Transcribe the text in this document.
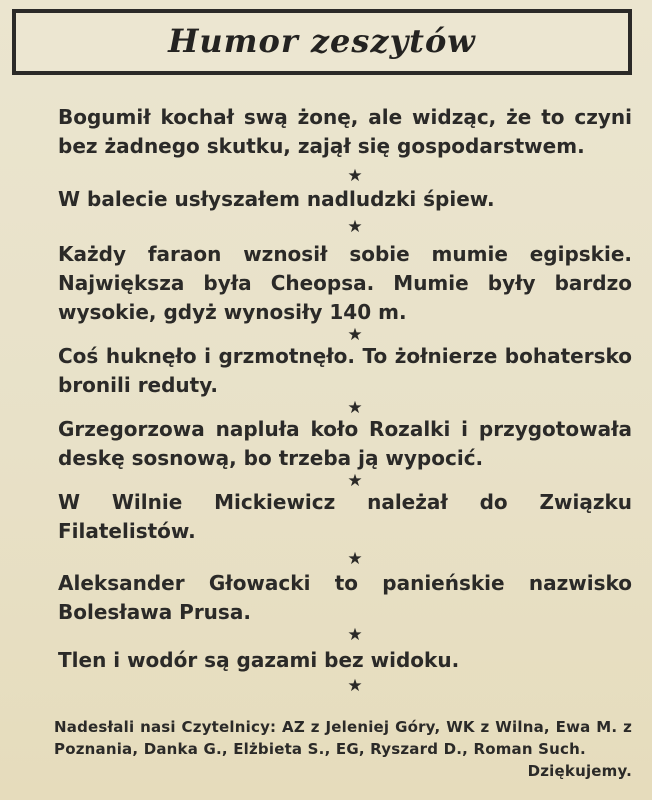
Humor zeszytów

Bogumił kochał swą żonę, ale widząc, że to czyni bez żadnego skutku, zajął się gospodarstwem.

★

W balecie usłyszałem nadludzki śpiew.

★

Każdy faraon wznosił sobie mumie egipskie. Największa była Cheopsa. Mumie były bardzo wysokie, gdyż wynosiły 140 m.

★

Coś huknęło i grzmotnęło. To żołnierze bohatersko bronili reduty.

★

Grzegorzowa napluła koło Rozalki i przygotowała deskę sosnową, bo trzeba ją wypocić.

★

W Wilnie Mickiewicz należał do Związku Filatelistów.

★

Aleksander Głowacki to panieńskie nazwisko Bolesława Prusa.

★

Tlen i wodór są gazami bez widoku.

★

Nadesłali nasi Czytelnicy: AZ z Jeleniej Góry, WK z Wilna, Ewa M. z Poznania, Danka G., Elżbieta S., EG, Ryszard D., Roman Such.
Dziękujemy.
